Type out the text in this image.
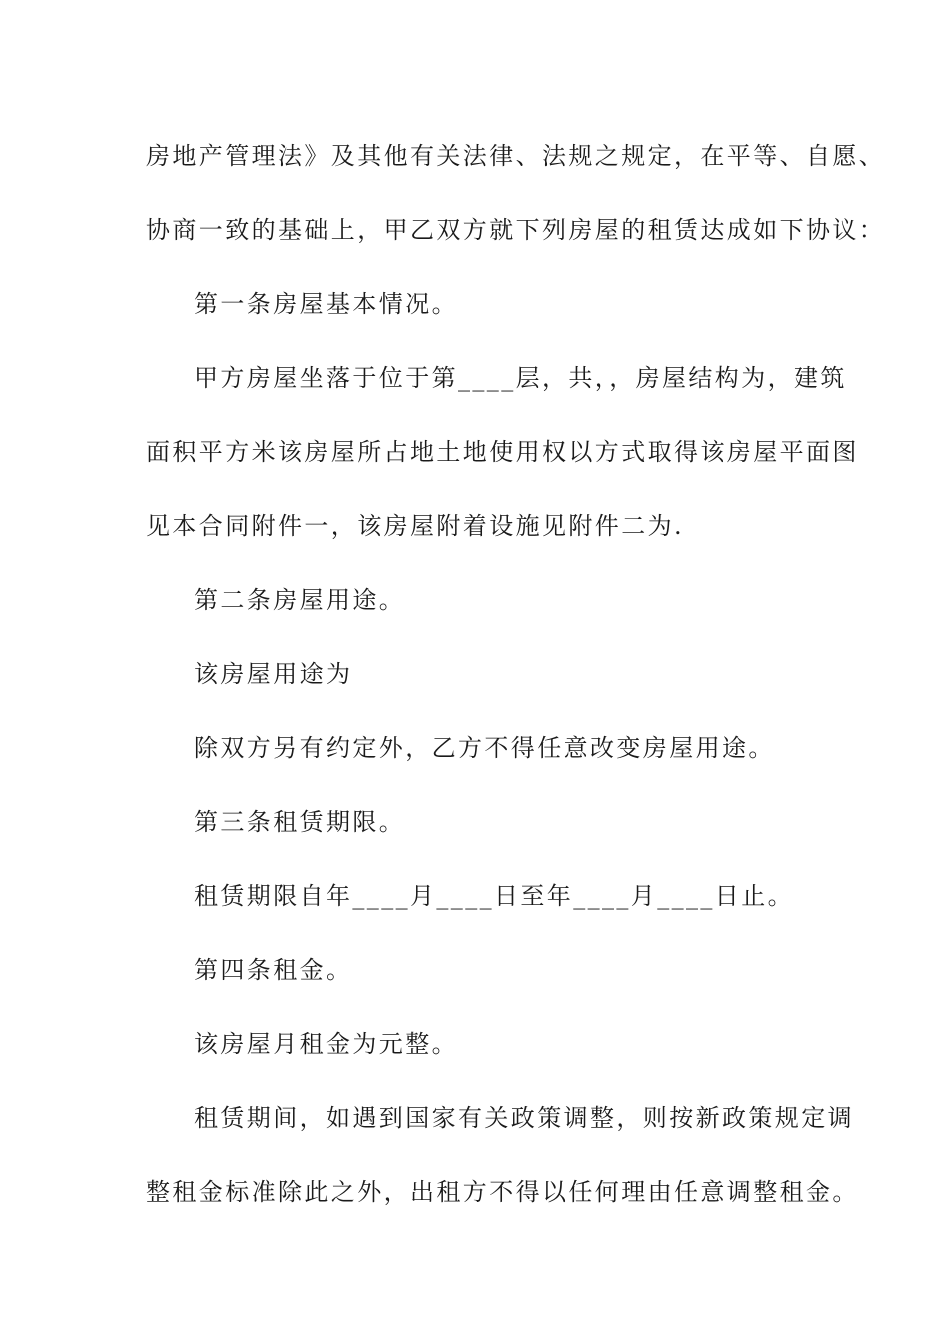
房地产管理法》及其他有关法律、法规之规定，在平等、自愿、
协商一致的基础上，甲乙双方就下列房屋的租赁达成如下协议：
第一条房屋基本情况。
甲方房屋坐落于位于第____层，共，，房屋结构为，建筑
面积平方米该房屋所占地土地使用权以方式取得该房屋平面图
见本合同附件一，该房屋附着设施见附件二为.
第二条房屋用途。
该房屋用途为
除双方另有约定外，乙方不得任意改变房屋用途。
第三条租赁期限。
租赁期限自年____月____日至年____月____日止。
第四条租金。
该房屋月租金为元整。
租赁期间，如遇到国家有关政策调整，则按新政策规定调
整租金标准除此之外，出租方不得以任何理由任意调整租金。
